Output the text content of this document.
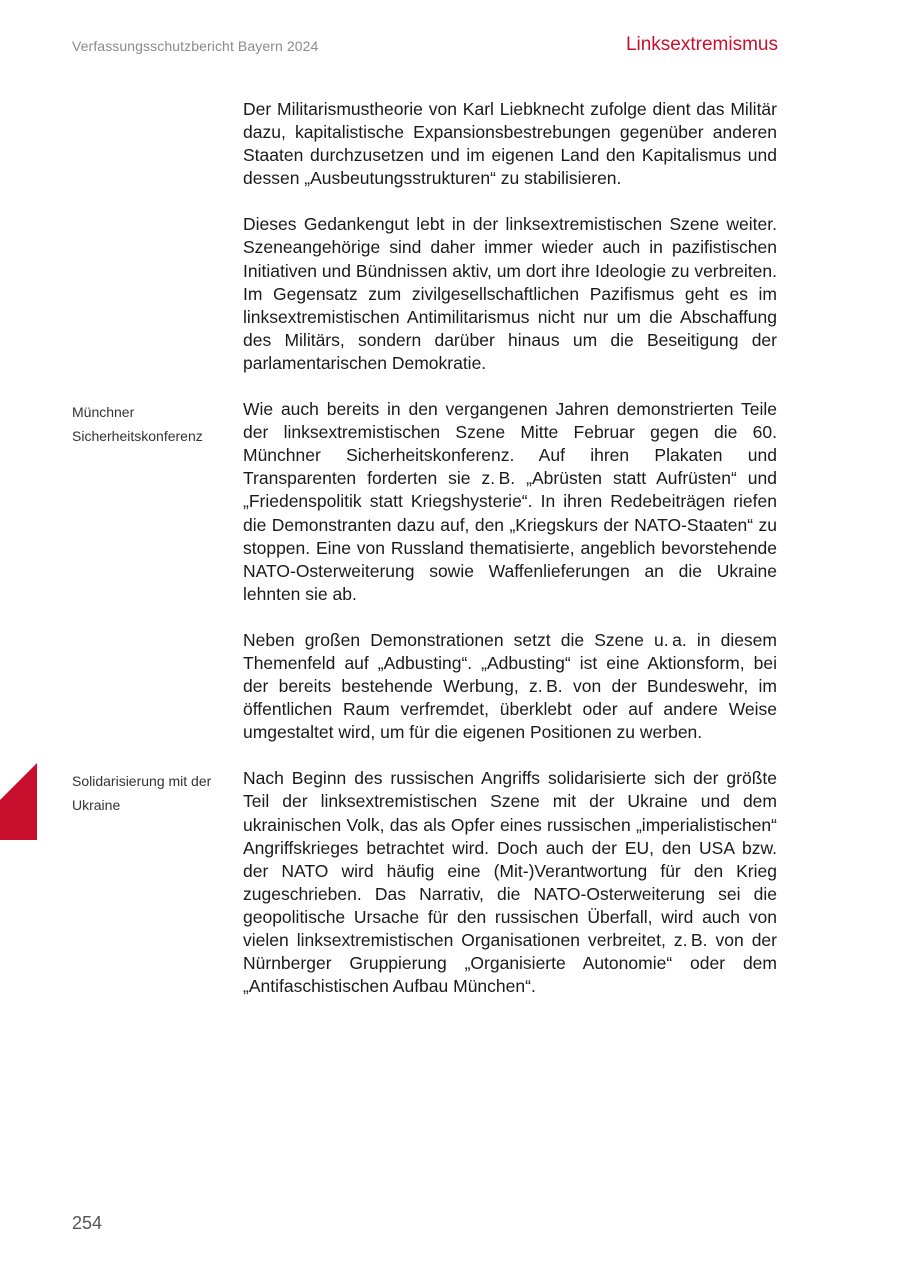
Verfassungsschutzbericht Bayern 2024	Linksextremismus
Münchner Sicherheitskonferenz
Solidarisierung mit der Ukraine

Der Militarismustheorie von Karl Liebknecht zufolge dient das Militär dazu, kapitalistische Expansionsbestrebungen gegenüber anderen Staaten durchzusetzen und im eigenen Land den Kapitalismus und dessen „Ausbeutungsstrukturen“ zu stabilisieren.

Dieses Gedankengut lebt in der linksextremistischen Szene weiter. Szeneangehörige sind daher immer wieder auch in pazifistischen Initiativen und Bündnissen aktiv, um dort ihre Ideologie zu verbreiten. Im Gegensatz zum zivilgesellschaftlichen Pazifismus geht es im linksextremistischen Antimilitarismus nicht nur um die Abschaffung des Militärs, sondern darüber hinaus um die Beseitigung der parlamentarischen Demokratie.

Wie auch bereits in den vergangenen Jahren demonstrierten Teile der linksextremistischen Szene Mitte Februar gegen die 60. Münchner Sicherheitskonferenz. Auf ihren Plakaten und Transparenten forderten sie z. B. „Abrüsten statt Aufrüsten“ und „Friedenspolitik statt Kriegshysterie“. In ihren Redebeiträgen riefen die Demonstranten dazu auf, den „Kriegskurs der NATO-Staaten“ zu stoppen. Eine von Russland thematisierte, angeblich bevorstehende NATO-Osterweiterung sowie Waffenlieferungen an die Ukraine lehnten sie ab.

Neben großen Demonstrationen setzt die Szene u. a. in diesem Themenfeld auf „Adbusting“. „Adbusting“ ist eine Aktionsform, bei der bereits bestehende Werbung, z. B. von der Bundeswehr, im öffentlichen Raum verfremdet, überklebt oder auf andere Weise umgestaltet wird, um für die eigenen Positionen zu werben.

Nach Beginn des russischen Angriffs solidarisierte sich der größte Teil der linksextremistischen Szene mit der Ukraine und dem ukrainischen Volk, das als Opfer eines russischen „imperialistischen“ Angriffskrieges betrachtet wird. Doch auch der EU, den USA bzw. der NATO wird häufig eine (Mit-)Verantwortung für den Krieg zugeschrieben. Das Narrativ, die NATO-Osterweiterung sei die geopolitische Ursache für den russischen Überfall, wird auch von vielen linksextremistischen Organisationen verbreitet, z. B. von der Nürnberger Gruppierung „Organisierte Autonomie“ oder dem „Antifaschistischen Aufbau München“.

254
